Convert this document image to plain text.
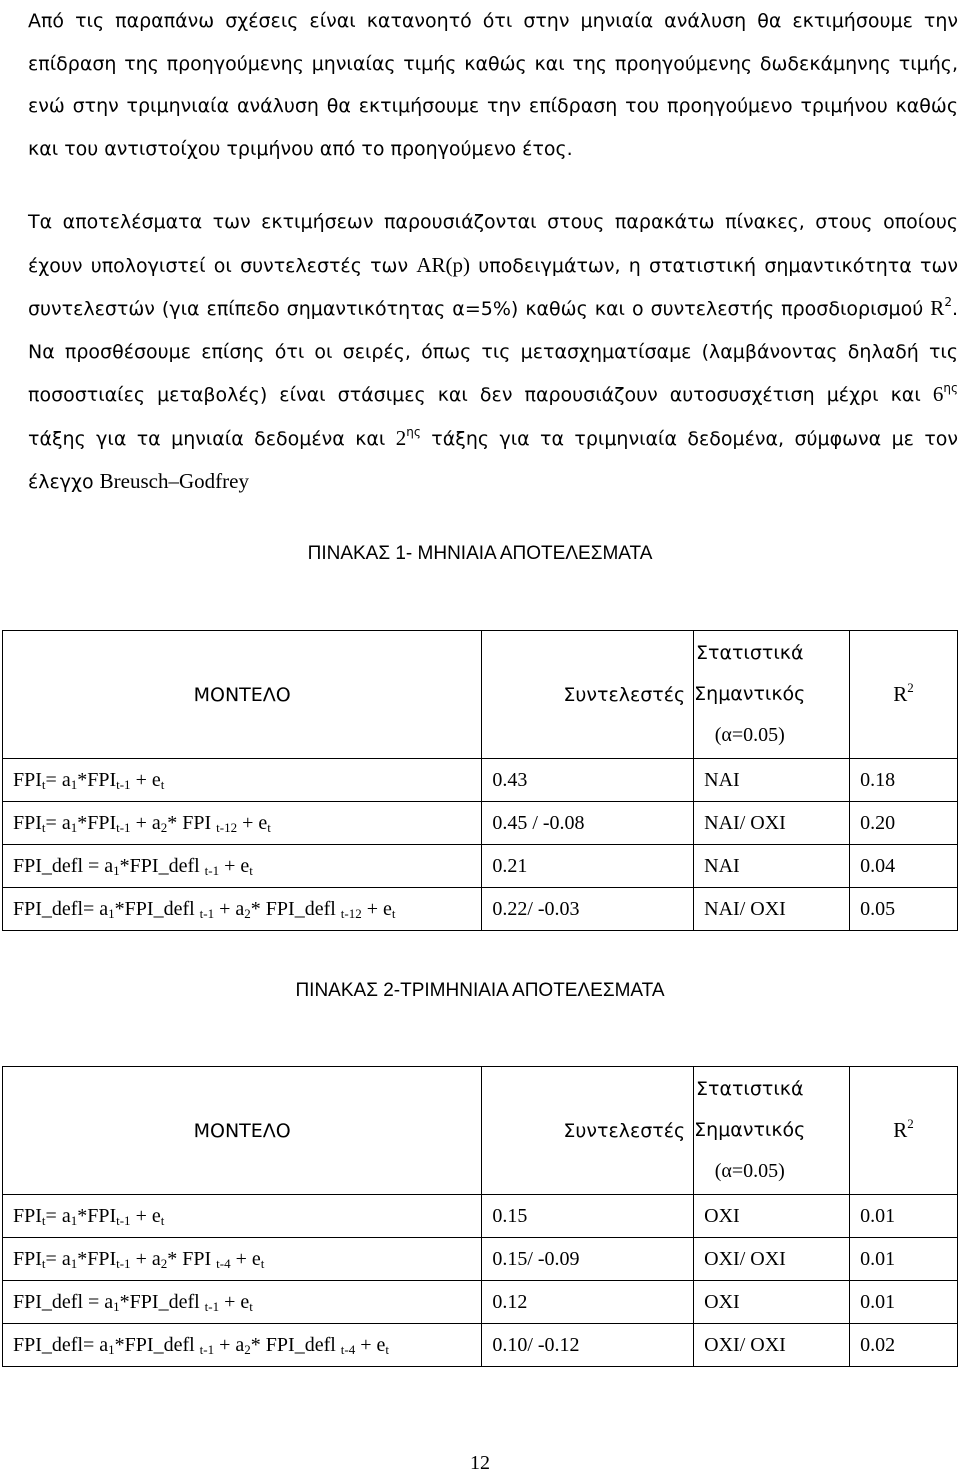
Από τις παραπάνω σχέσεις είναι κατανοητό ότι στην μηνιαία ανάλυση θα εκτιμήσουμε την επίδραση της προηγούμενης μηνιαίας τιμής καθώς και της προηγούμενης δωδεκάμηνης τιμής, ενώ στην τριμηνιαία ανάλυση θα εκτιμήσουμε την επίδραση του προηγούμενο τριμήνου καθώς και του αντιστοίχου τριμήνου από το προηγούμενο έτος.

Τα αποτελέσματα των εκτιμήσεων παρουσιάζονται στους παρακάτω πίνακες, στους οποίους έχουν υπολογιστεί οι συντελεστές των AR(p) υποδειγμάτων, η στατιστική σημαντικότητα των συντελεστών (για επίπεδο σημαντικότητας α=5%) καθώς και ο συντελεστής προσδιορισμού $R^2$. Να προσθέσουμε επίσης ότι οι σειρές, όπως τις μετασχηματίσαμε (λαμβάνοντας δηλαδή τις ποσοστιαίες μεταβολές) είναι στάσιμες και δεν παρουσιάζουν αυτοσυσχέτιση μέχρι και $6^{\eta\varsigma}$ τάξης για τα μηνιαία δεδομένα και $2^{\eta\varsigma}$ τάξης για τα τριμηνιαία δεδομένα, σύμφωνα με τον έλεγχο Breusch–Godfrey

ΠΙΝΑΚΑΣ 1- ΜΗΝΙΑΙΑ ΑΠΟΤΕΛΕΣΜΑΤΑ

ΜΟΝΤΕΛΟ	Συντελεστές	Στατιστικά
Σημαντικός
(α=0.05)	$R^2$
$FPI_t= a_1*FPI_{t-1} + e_t$	0.43	ΝΑΙ	0.18
$FPI_t= a_1*FPI_{t-1} + a_2*$ FPI $_{t-12} + e_t$	0.45 / -0.08	ΝΑΙ/ ΟΧΙ	0.20
FPI_defl = $a_1*FPI\_defl$ $_{t-1} + e_t$	0.21	ΝΑΙ	0.04
FPI_defl= $a_1*FPI\_defl$ $_{t-1} + a_2*$ FPI_defl $_{t-12} + e_t$	0.22/ -0.03	ΝΑΙ/ ΟΧΙ	0.05

ΠΙΝΑΚΑΣ 2-ΤΡΙΜΗΝΙΑΙΑ ΑΠΟΤΕΛΕΣΜΑΤΑ

ΜΟΝΤΕΛΟ	Συντελεστές	Στατιστικά
Σημαντικός
(α=0.05)	$R^2$
$FPI_t= a_1*FPI_{t-1} + e_t$	0.15	ΟΧΙ	0.01
$FPI_t= a_1*FPI_{t-1} + a_2*$ FPI $_{t-4} + e_t$	0.15/ -0.09	ΟΧΙ/ ΟΧΙ	0.01
FPI_defl = $a_1*FPI\_defl$ $_{t-1} + e_t$	0.12	ΟΧΙ	0.01
FPI_defl= $a_1*FPI\_defl$ $_{t-1} + a_2*$ FPI_defl $_{t-4} + e_t$	0.10/ -0.12	ΟΧΙ/ ΟΧΙ	0.02

12
